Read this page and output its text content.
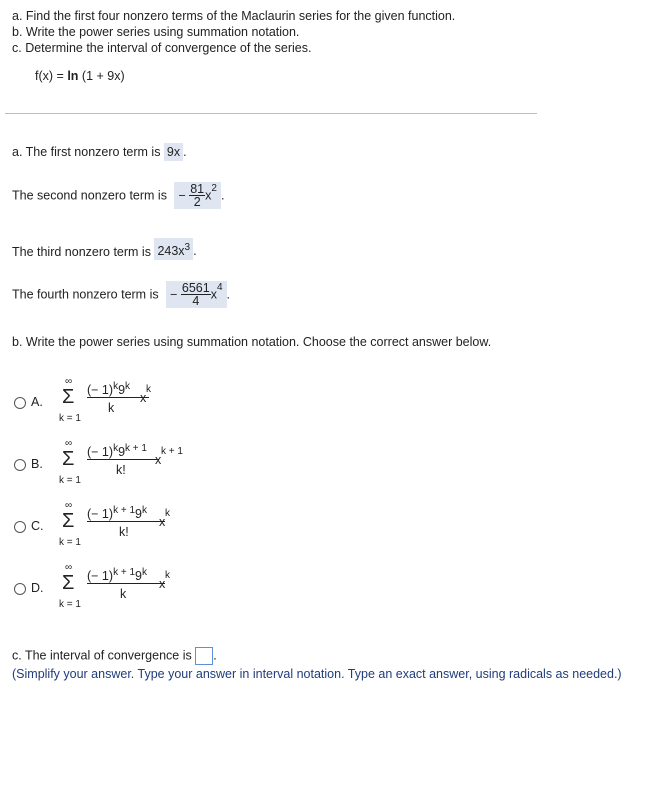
a. Find the first four nonzero terms of the Maclaurin series for the given function.
b. Write the power series using summation notation.
c. Determine the interval of convergence of the series.
f(x) = ln (1 + 9x)
a. The first nonzero term is 9x .
The second nonzero term is − $\frac{81}{2} x^2$.
The third nonzero term is $243x^3$ .
The fourth nonzero term is − $\frac{6561}{4} x^4$.
b. Write the power series using summation notation. Choose the correct answer below.
A.
∞
Σ
k = 1
(− $1)^k9^k$
k
x
k
B.
∞
Σ
k = 1
(− $1)^k9^{k + 1}$
k!
x
k + 1
C.
∞
Σ
k = 1
(− $1)^{k + 1}9^k$
k!
x
k
D.
∞
Σ
k = 1
(− $1)^{k + 1}9^k$
k
x
k
c. The interval of convergence is .
(Simplify your answer. Type your answer in interval notation. Type an exact answer, using radicals as needed.)
